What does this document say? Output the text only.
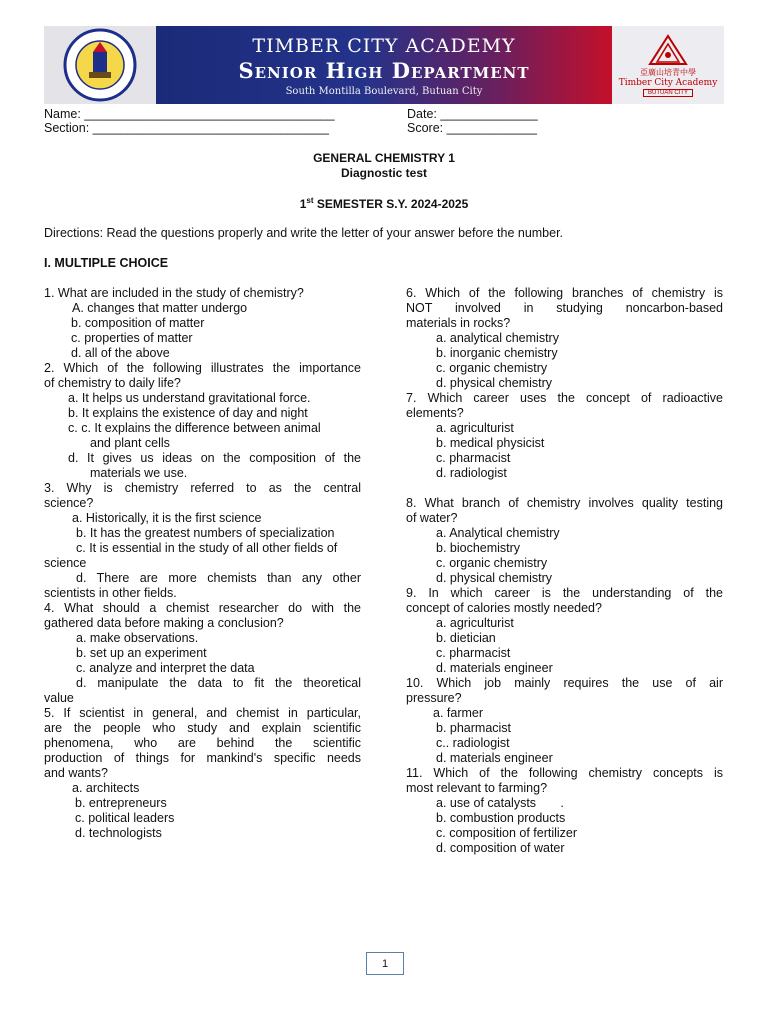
TIMBER CITY ACADEMY
Senior High Department
South Montilla Boulevard, Butuan City
亞廣山培青中學
Timber City Academy
BUTUAN CITY
Name: ____________________________________
Section: __________________________________
Date: ______________
Score: _____________
GENERAL CHEMISTRY 1
Diagnostic test
1st SEMESTER S.Y. 2024-2025
Directions: Read the questions properly and write the letter of your answer before the number.
I. MULTIPLE CHOICE
1. What are included in the study of chemistry?
A. changes that matter undergo
b. composition of matter
c. properties of matter
d. all of the above
2. Which of the following illustrates the importance
of chemistry to daily life?
a. It helps us understand gravitational force.
b. It explains the existence of day and night
c. c. It explains the difference between animal
and plant cells
d. It gives us ideas on the composition of the
materials we use.
3. Why is chemistry referred to as the central
science?
a. Historically, it is the first science
b. It has the greatest numbers of specialization
c. It is essential in the study of all other fields of
science
d. There are more chemists than any other
scientists in other fields.
4. What should a chemist researcher do with the
gathered data before making a conclusion?
a. make observations.
b. set up an experiment
c. analyze and interpret the data
d. manipulate the data to fit the theoretical
value
5. If scientist in general, and chemist in particular,
are the people who study and explain scientific
phenomena, who are behind the scientific
production of things for mankind's specific needs
and wants?
a. architects
b. entrepreneurs
c. political leaders
d. technologists
6. Which of the following branches of chemistry is
NOT involved in studying noncarbon-based
materials in rocks?
a. analytical chemistry
b. inorganic chemistry
c. organic chemistry
d. physical chemistry
7. Which career uses the concept of radioactive
elements?
a. agriculturist
b. medical physicist
c. pharmacist
d. radiologist
8. What branch of chemistry involves quality testing
of water?
a. Analytical chemistry
b. biochemistry
c. organic chemistry
d. physical chemistry
9. In which career is the understanding of the
concept of calories mostly needed?
a. agriculturist
b. dietician
c. pharmacist
d. materials engineer
10. Which job mainly requires the use of air
pressure?
a. farmer
b. pharmacist
c.. radiologist
d. materials engineer
11. Which of the following chemistry concepts is
most relevant to farming?
a. use of catalysts       .
b. combustion products
c. composition of fertilizer
d. composition of water
1
